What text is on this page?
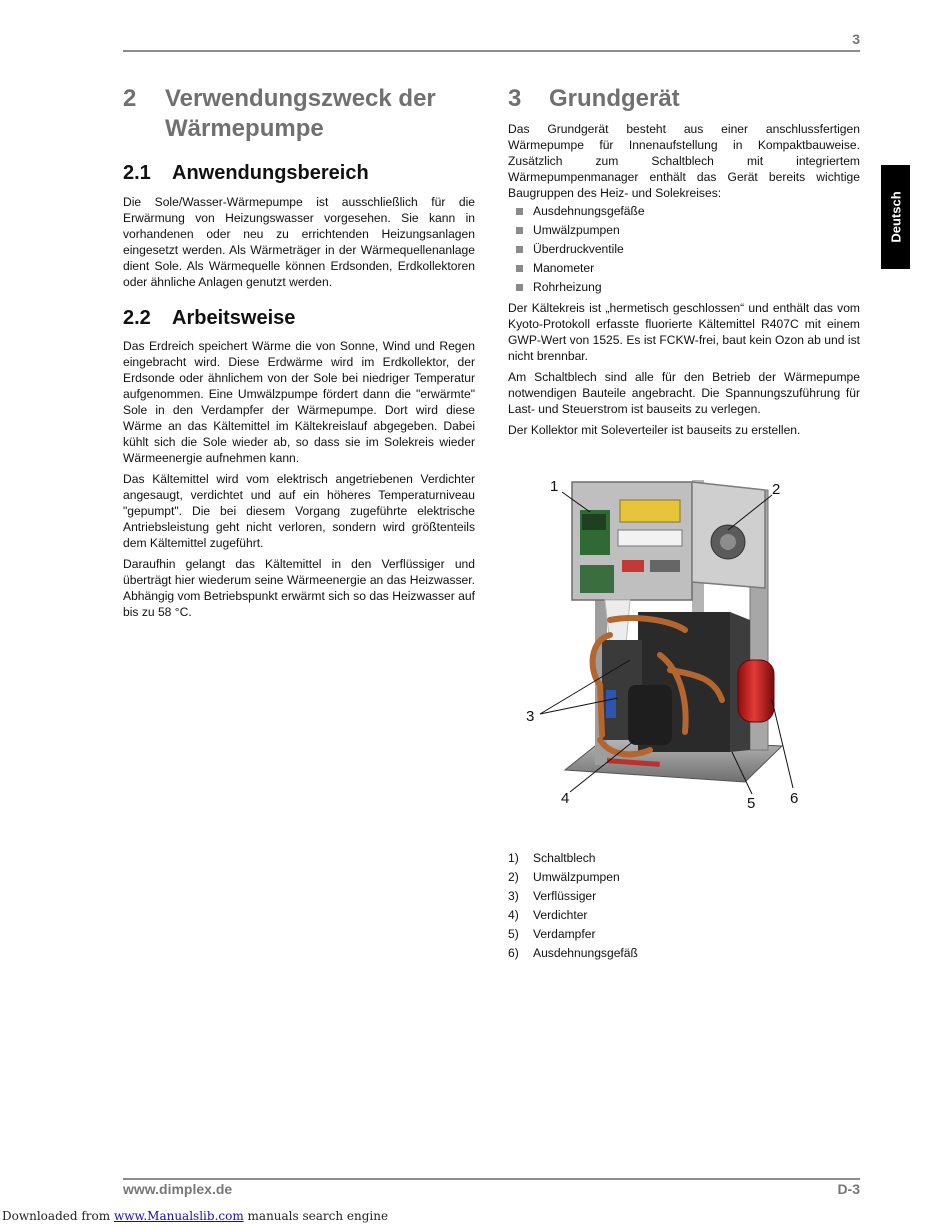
3
Deutsch
2 Verwendungszweck der
Wärmepumpe
2.1 Anwendungsbereich

Die Sole/Wasser-Wärmepumpe ist ausschließlich für die Erwärmung von Heizungswasser vorgesehen. Sie kann in vorhandenen oder neu zu errichtenden Heizungsanlagen eingesetzt werden. Als Wärmeträger in der Wärmequellenanlage dient Sole. Als Wärmequelle können Erdsonden, Erdkollektoren oder ähnliche Anlagen genutzt werden.

2.2 Arbeitsweise

Das Erdreich speichert Wärme die von Sonne, Wind und Regen eingebracht wird. Diese Erdwärme wird im Erdkollektor, der Erdsonde oder ähnlichem von der Sole bei niedriger Temperatur aufgenommen. Eine Umwälzpumpe fördert dann die "erwärmte" Sole in den Verdampfer der Wärmepumpe. Dort wird diese Wärme an das Kältemittel im Kältekreislauf abgegeben. Dabei kühlt sich die Sole wieder ab, so dass sie im Solekreis wieder Wärmeenergie aufnehmen kann.

Das Kältemittel wird vom elektrisch angetriebenen Verdichter angesaugt, verdichtet und auf ein höheres Temperaturniveau "gepumpt". Die bei diesem Vorgang zugeführte elektrische Antriebsleistung geht nicht verloren, sondern wird größtenteils dem Kältemittel zugeführt.

Daraufhin gelangt das Kältemittel in den Verflüssiger und überträgt hier wiederum seine Wärmeenergie an das Heizwasser. Abhängig vom Betriebspunkt erwärmt sich so das Heizwasser auf bis zu 58 °C.

3 Grundgerät

Das Grundgerät besteht aus einer anschlussfertigen Wärmepumpe für Innenaufstellung in Kompaktbauweise. Zusätzlich zum Schaltblech mit integriertem Wärmepumpenmanager enthält das Gerät bereits wichtige Baugruppen des Heiz- und Solekreises:

Ausdehnungsgefäße
Umwälzpumpen
Überdruckventile
Manometer
Rohrheizung

Der Kältekreis ist „hermetisch geschlossen“ und enthält das vom Kyoto-Protokoll erfasste fluorierte Kältemittel R407C mit einem GWP-Wert von 1525. Es ist FCKW-frei, baut kein Ozon ab und ist nicht brennbar.

Am Schaltblech sind alle für den Betrieb der Wärmepumpe notwendigen Bauteile angebracht. Die Spannungszuführung für Last- und Steuerstrom ist bauseits zu verlegen.

Der Kollektor mit Soleverteiler ist bauseits zu erstellen.

1	2
3
4	5 6
1) Schaltblech
2) Umwälzpumpen
3) Verflüssiger
4) Verdichter
5) Verdampfer
6) Ausdehnungsgefäß
www.dimplex.de	D-3
Downloaded from www.Manualslib.com manuals search engine
